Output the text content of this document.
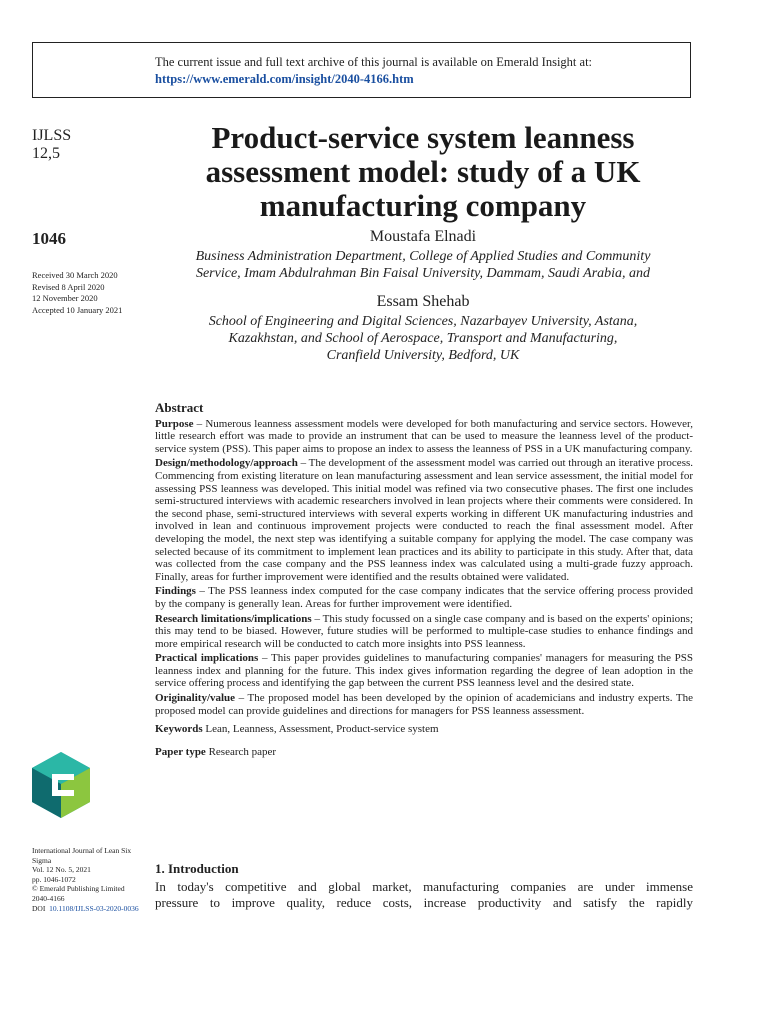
The current issue and full text archive of this journal is available on Emerald Insight at:
https://www.emerald.com/insight/2040-4166.htm
IJLSS
12,5
1046
Received 30 March 2020
Revised 8 April 2020
12 November 2020
Accepted 10 January 2021
Product-service system leanness
assessment model: study of a UK
manufacturing company
Moustafa Elnadi
Business Administration Department, College of Applied Studies and Community
Service, Imam Abdulrahman Bin Faisal University, Dammam, Saudi Arabia, and
Essam Shehab
School of Engineering and Digital Sciences, Nazarbayev University, Astana,
Kazakhstan, and School of Aerospace, Transport and Manufacturing,
Cranfield University, Bedford, UK
Abstract

Purpose – Numerous leanness assessment models were developed for both manufacturing and service sectors. However, little research effort was made to provide an instrument that can be used to measure the leanness level of the product-service system (PSS). This paper aims to propose an index to assess the leanness of PSS in a UK manufacturing company.

Design/methodology/approach – The development of the assessment model was carried out through an iterative process. Commencing from existing literature on lean manufacturing assessment and lean service assessment, the initial model for assessing PSS leanness was developed. This initial model was refined via two consecutive phases. The first one includes semi-structured interviews with academic researchers involved in lean projects where their comments were considered. In the second phase, semi-structured interviews with several experts working in different UK manufacturing industries and involved in lean and continuous improvement projects were conducted to reach the final assessment model. After developing the model, the next step was identifying a suitable company for applying the model. The case company was selected because of its commitment to implement lean practices and its ability to participate in this study. After that, data was collected from the case company and the PSS leanness index was calculated using a multi-grade fuzzy approach. Finally, areas for further improvement were identified and the results obtained were validated.

Findings – The PSS leanness index computed for the case company indicates that the service offering process provided by the company is generally lean. Areas for further improvement were identified.

Research limitations/implications – This study focussed on a single case company and is based on the experts' opinions; this may tend to be biased. However, future studies will be performed to multiple-case studies to enhance findings and more empirical research will be conducted to catch more insights into PSS leanness.

Practical implications – This paper provides guidelines to manufacturing companies' managers for measuring the PSS leanness index and planning for the future. This index gives information regarding the degree of lean adoption in the service offering process and identifying the gap between the current PSS leanness level and the desired state.

Originality/value – The proposed model has been developed by the opinion of academicians and industry experts. The proposed model can provide guidelines and directions for managers for PSS leanness assessment.

Keywords Lean, Leanness, Assessment, Product-service system

Paper type Research paper

International Journal of Lean Six
Sigma
Vol. 12 No. 5, 2021
pp. 1046-1072
© Emerald Publishing Limited
2040-4166
DOI 10.1108/IJLSS-03-2020-0036
1. Introduction
In today's competitive and global market, manufacturing companies are under immense
pressure to improve quality, reduce costs, increase productivity and satisfy the rapidly
